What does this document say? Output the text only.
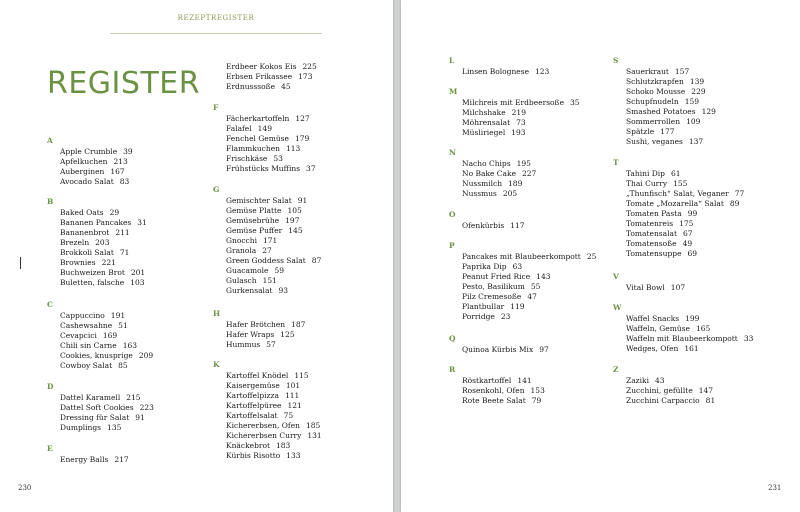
REZEPTREGISTER
REGISTER
230
A
Apple Crumble 39
Apfelkuchen 213
Auberginen 167
Avocado Salat 83
B
Baked Oats 29
Bananen Pancakes 31
Bananenbrot 211
Brezeln 203
Brokkoli Salat 71
Brownies 221
Buchweizen Brot 201
Buletten, falsche 103
C
Cappuccino 191
Cashewsahne 51
Cevapcici 169
Chili sin Carne 163
Cookies, knusprige 209
Cowboy Salat 85
D
Dattel Karamell 215
Dattel Soft Cookies 223
Dressing für Salat 91
Dumplings 135
E
Energy Balls 217
Erdbeer Kokos Eis 225
Erbsen Frikassee 173
Erdnusssoße 45
F
Fächerkartoffeln 127
Falafel 149
Fenchel Gemüse 179
Flammkuchen 113
Frischkäse 53
Frühstücks Muffins 37
G
Gemischter Salat 91
Gemüse Platte 105
Gemüsebrühe 197
Gemüse Puffer 145
Gnocchi 171
Granola 27
Green Goddess Salat 87
Guacamole 59
Gulasch 151
Gurkensalat 93
H
Hafer Brötchen 187
Hafer Wraps 125
Hummus 57
K
Kartoffel Knödel 115
Kaisergemüse 101
Kartoffelpizza 111
Kartoffelpüree 121
Kartoffelsalat 75
Kichererbsen, Ofen 185
Kichererbsen Curry 131
Knäckebrot 183
Kürbis Risotto 133
L
Linsen Bolognese 123
M
Milchreis mit Erdbeersoße 35
Milchshake 219
Möhrensalat 73
Müsliriegel 193
N
Nacho Chips 195
No Bake Cake 227
Nussmilch 189
Nussmus 205
O
Ofenkürbis 117
P
Pancakes mit Blaubeerkompott 25
Paprika Dip 63
Peanut Fried Rice 143
Pesto, Basilikum 55
Pilz Cremesoße 47
Plantbullar 119
Porridge 23
Q
Quinoa Kürbis Mix 97
R
Röstkartoffel 141
Rosenkohl, Ofen 153
Rote Beete Salat 79
S
Sauerkraut 157
Schlutzkrapfen 139
Schoko Mousse 229
Schupfnudeln 159
Smashed Potatoes 129
Sommerrollen 109
Spätzle 177
Sushi, veganes 137
T
Tahini Dip 61
Thai Curry 155
„Thunfisch“ Salat, Veganer 77
Tomate „Mozarella“ Salat 89
Tomaten Pasta 99
Tomatenreis 175
Tomatensalat 67
Tomatensoße 49
Tomatensuppe 69
V
Vital Bowl 107
W
Waffel Snacks 199
Waffeln, Gemüse 165
Waffeln mit Blaubeerkompott 33
Wedges, Ofen 161
Z
Zaziki 43
Zucchini, gefüllte 147
Zucchini Carpaccio 81
231
